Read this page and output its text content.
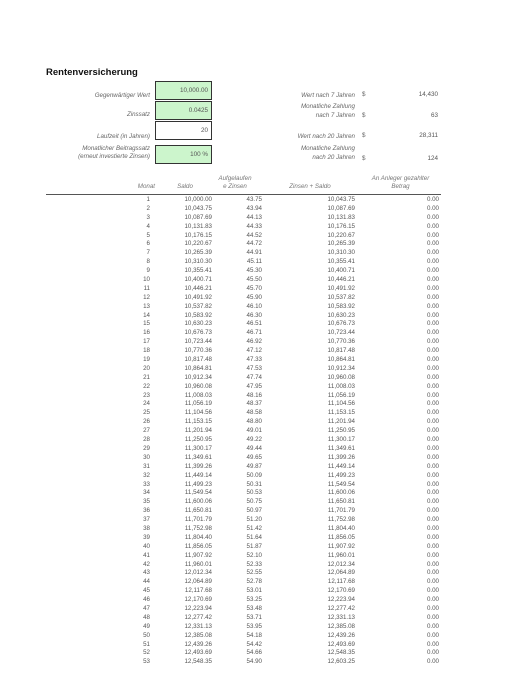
Rentenversicherung
Gegenwärtiger Wert
10,000.00
Zinssatz
0.0425
Laufzeit (in Jahren)
20
Monatlicher Beitragssatz
(erneut investierte Zinsen)	100 %
Wert nach 7 Jahren $	14,430
Monatliche Zahlung
nach 7 Jahren $	63
Wert nach 20 Jahren $	28,311
Monatliche Zahlung
nach 20 Jahren $	124
Monat	Saldo
Aufgelaufen
e Zinsen	Zinsen + Saldo
An Anleger gezahlter
Betrag
1	10,000.00	43.75	10,043.75	0.00
2	10,043.75	43.94	10,087.69	0.00
3	10,087.69	44.13	10,131.83	0.00
4	10,131.83	44.33	10,176.15	0.00
5	10,176.15	44.52	10,220.67	0.00
6	10,220.67	44.72	10,265.39	0.00
7	10,265.39	44.91	10,310.30	0.00
8	10,310.30	45.11	10,355.41	0.00
9	10,355.41	45.30	10,400.71	0.00
10	10,400.71	45.50	10,446.21	0.00
11	10,446.21	45.70	10,491.92	0.00
12	10,491.92	45.90	10,537.82	0.00
13	10,537.82	46.10	10,583.92	0.00
14	10,583.92	46.30	10,630.23	0.00
15	10,630.23	46.51	10,676.73	0.00
16	10,676.73	46.71	10,723.44	0.00
17	10,723.44	46.92	10,770.36	0.00
18	10,770.36	47.12	10,817.48	0.00
19	10,817.48	47.33	10,864.81	0.00
20	10,864.81	47.53	10,912.34	0.00
21	10,912.34	47.74	10,960.08	0.00
22	10,960.08	47.95	11,008.03	0.00
23	11,008.03	48.16	11,056.19	0.00
24	11,056.19	48.37	11,104.56	0.00
25	11,104.56	48.58	11,153.15	0.00
26	11,153.15	48.80	11,201.94	0.00
27	11,201.94	49.01	11,250.95	0.00
28	11,250.95	49.22	11,300.17	0.00
29	11,300.17	49.44	11,349.61	0.00
30	11,349.61	49.65	11,399.26	0.00
31	11,399.26	49.87	11,449.14	0.00
32	11,449.14	50.09	11,499.23	0.00
33	11,499.23	50.31	11,549.54	0.00
34	11,549.54	50.53	11,600.06	0.00
35	11,600.06	50.75	11,650.81	0.00
36	11,650.81	50.97	11,701.79	0.00
37	11,701.79	51.20	11,752.98	0.00
38	11,752.98	51.42	11,804.40	0.00
39	11,804.40	51.64	11,856.05	0.00
40	11,856.05	51.87	11,907.92	0.00
41	11,907.92	52.10	11,960.01	0.00
42	11,960.01	52.33	12,012.34	0.00
43	12,012.34	52.55	12,064.89	0.00
44	12,064.89	52.78	12,117.68	0.00
45	12,117.68	53.01	12,170.69	0.00
46	12,170.69	53.25	12,223.94	0.00
47	12,223.94	53.48	12,277.42	0.00
48	12,277.42	53.71	12,331.13	0.00
49	12,331.13	53.95	12,385.08	0.00
50	12,385.08	54.18	12,439.26	0.00
51	12,439.26	54.42	12,493.69	0.00
52	12,493.69	54.66	12,548.35	0.00
53	12,548.35	54.90	12,603.25	0.00
